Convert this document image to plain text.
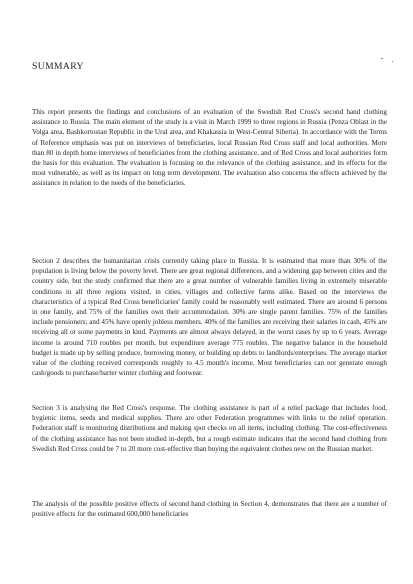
SUMMARY

This report presents the findings and conclusions of an evaluation of the Swedish Red Cross's second hand clothing assistance to Russia. The main element of the study is a visit in March 1999 to three regions in Russia (Penza Oblast in the Volga area, Bashkortostan Republic in the Ural area, and Khakassia in West-Central Siberia). In accordance with the Terms of Reference emphasis was put on interviews of beneficiaries, local Russian Red Cross staff and local authorities. More than 80 in depth home interviews of beneficiaries from the clothing assistance, and of Red Cross and local authorities form the basis for this evaluation. The evaluation is focusing on the relevance of the clothing assistance, and its effects for the most vulnerable, as well as its impact on long term development. The evaluation also concerns the effects achieved by the assistance in relation to the needs of the beneficiaries.

Section 2 describes the humanitarian crisis currently taking place in Russia. It is estimated that more than 30% of the population is living below the poverty level. There are great regional differences, and a widening gap between cities and the country side, but the study confirmed that there are a great number of vulnerable families living in extremely miserable conditions in all three regions visited, in cities, villages and collective farms alike. Based on the interviews the characteristics of a typical Red Cross beneficiaries' family could be reasonably well estimated. There are around 6 persons in one family, and 75% of the families own their accommodation. 30% are single parent families. 75% of the families include pensioners; and 45% have openly jobless members. 40% of the families are receiving their salaries in cash, 45% are receiving all or some payments in kind. Payments are almost always delayed, in the worst cases by up to 6 years. Average income is around 710 roubles per month, but expenditure average 775 roubles. The negative balance in the household budget is made up by selling produce, borrowing money, or building up debts to landlords/enterprises. The average market value of the clothing received corresponds roughly to 4.5 month's income. Most beneficiaries can not generate enough cash/goods to purchase/barter winter clothing and footwear.

Section 3 is analysing the Red Cross's response. The clothing assistance is part of a relief package that includes food, hygienic items, seeds and medical supplies. There are other Federation programmes with links to the relief operation. Federation staff is monitoring distributions and making spot checks on all items, including clothing. The cost-effectiveness of the clothing assistance has not been studied in-depth, but a rough estimate indicates that the second hand clothing from Swedish Red Cross could be 7 to 20 more cost-effective than buying the equivalent clothes new on the Russian market.

The analysis of the possible positive effects of second hand clothing in Section 4, demonstrates that there are a number of positive effects for the estimated 600,000 beneficiaries
